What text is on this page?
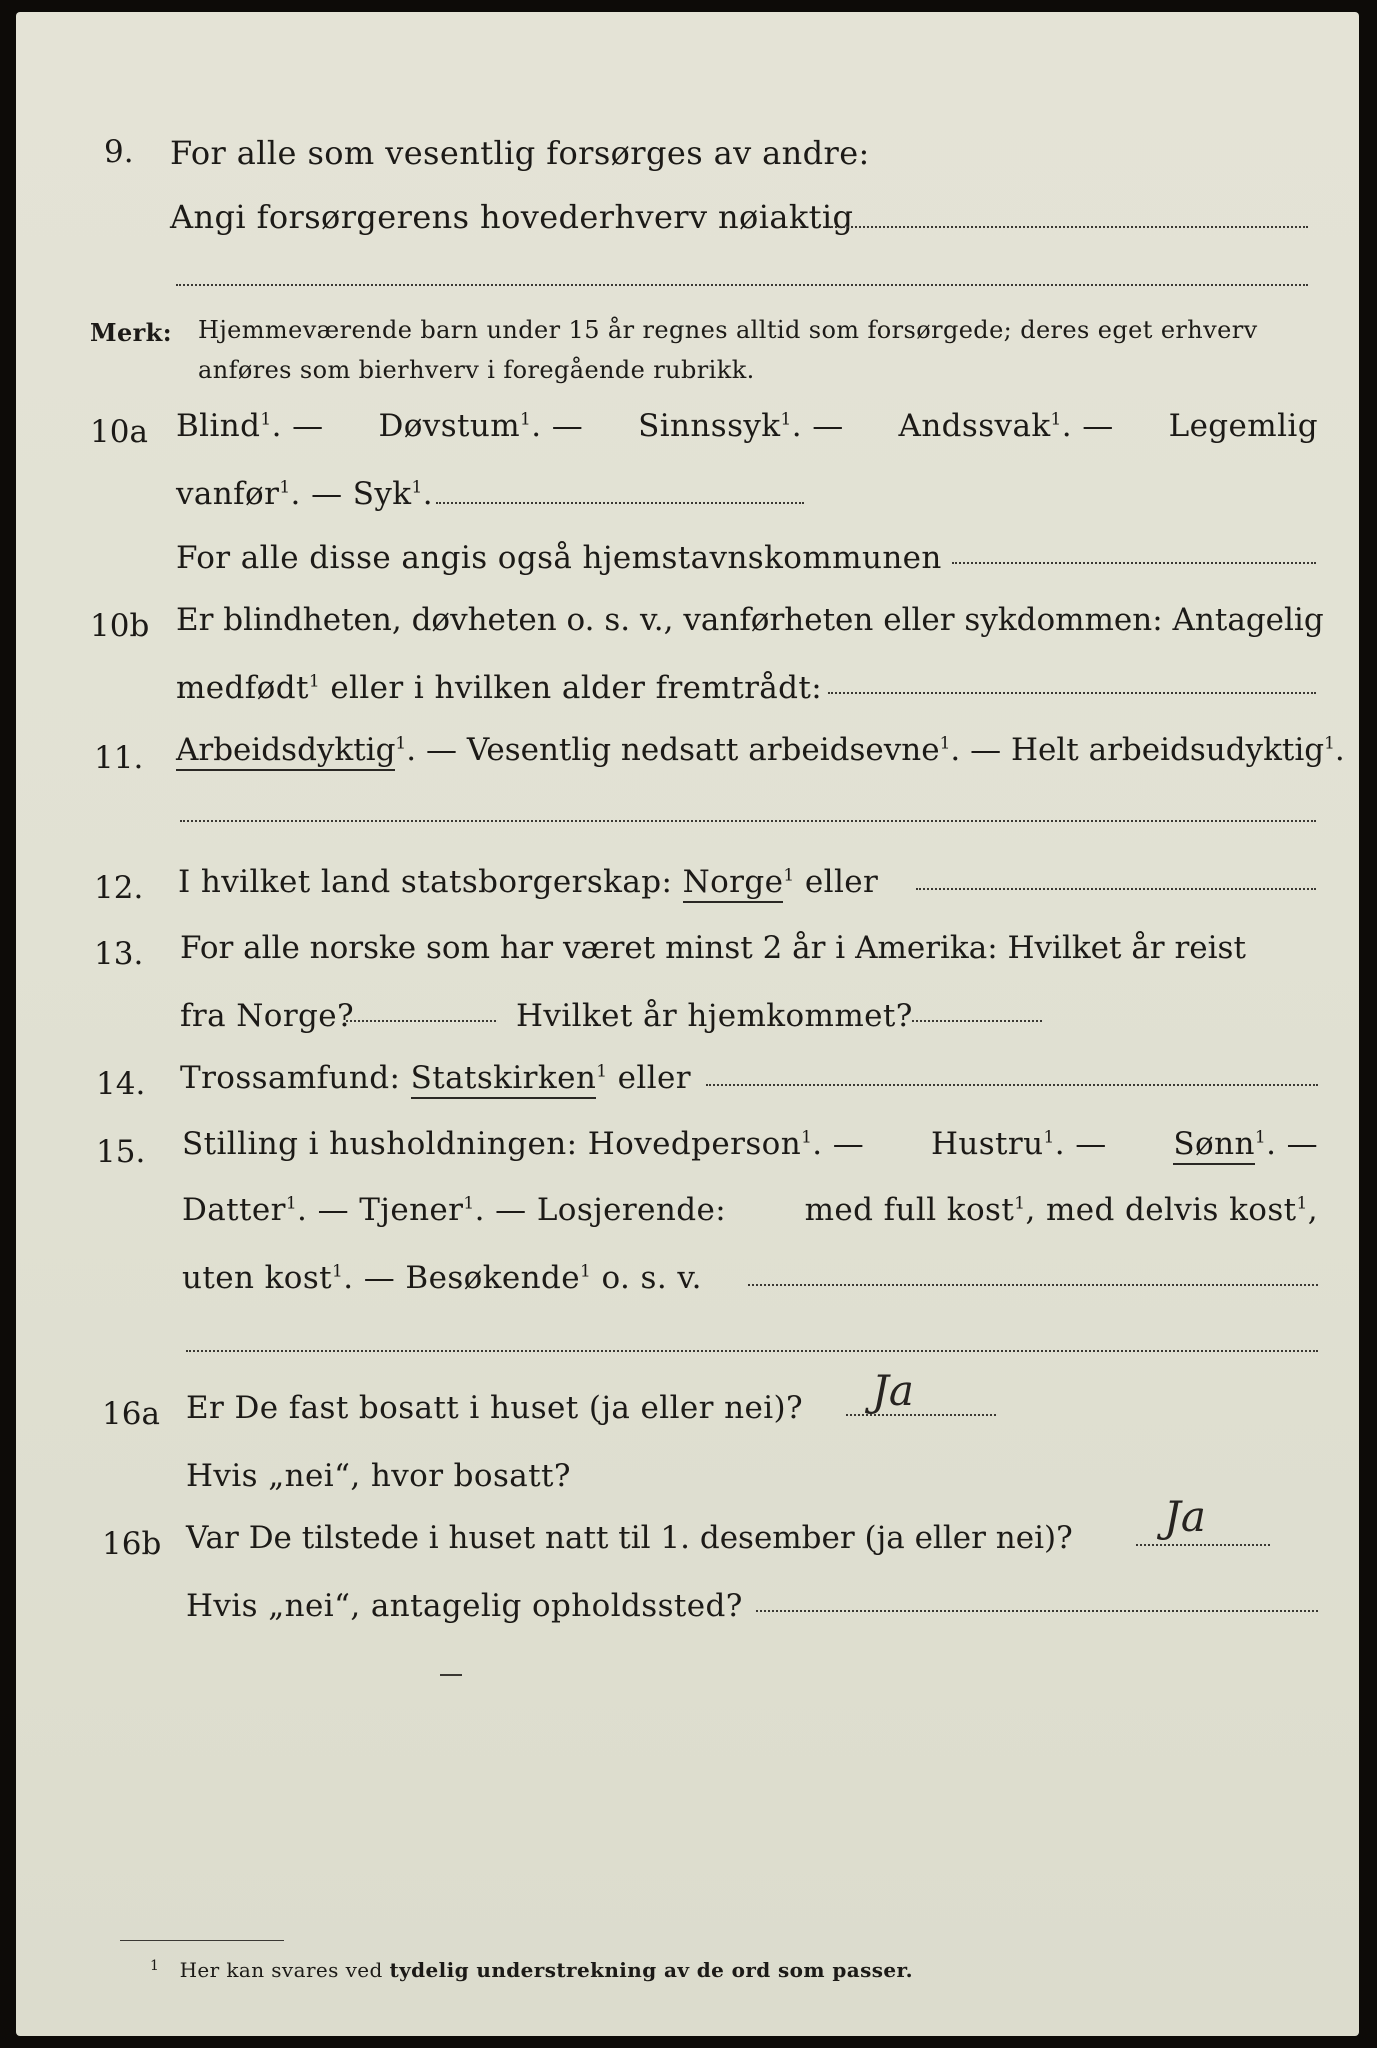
9. For alle som vesentlig forsørges av andre:
Angi forsørgerens hovederhverv nøiaktig
Merk: Hjemmeværende barn under 15 år regnes alltid som forsørgede; deres eget erhverv
anføres som bierhverv i foregående rubrikk.
10a Blind$^1$. — Døvstum$^1$. — Sinnssyk$^1$. — Andssvak$^1$. — Legemlig
vanfør$^1$. — Syk$^1$.
For alle disse angis også hjemstavnskommunen
10b Er blindheten, døvheten o. s. v., vanførheten eller sykdommen: Antagelig
medfødt$^1$ eller i hvilken alder fremtrådt:
11. Arbeidsdyktig$^1$. — Vesentlig nedsatt arbeidsevne$^1$. — Helt arbeidsudyktig$^1$.
12. I hvilket land statsborgerskap: Norge$^1$ eller
13. For alle norske som har været minst 2 år i Amerika: Hvilket år reist
fra Norge?	Hvilket år hjemkommet?
14. Trossamfund: Statskirken$^1$ eller
15. Stilling i husholdningen: Hovedperson$^1$. — Hustru$^1$. — Sønn$^1$. —
Datter$^1$. — Tjener$^1$. — Losjerende:	med full kost$^1$, med delvis kost$^1$,
uten kost$^1$. — Besøkende$^1$ o. s. v.
16a Er De fast bosatt i huset (ja eller nei)? Ja
Hvis „nei“, hvor bosatt?
16b Var De tilstede i huset natt til 1. desember (ja eller nei)? Ja
Hvis „nei“, antagelig opholdssted?
$^1$ Her kan svares ved tydelig understrekning av de ord som passer.
